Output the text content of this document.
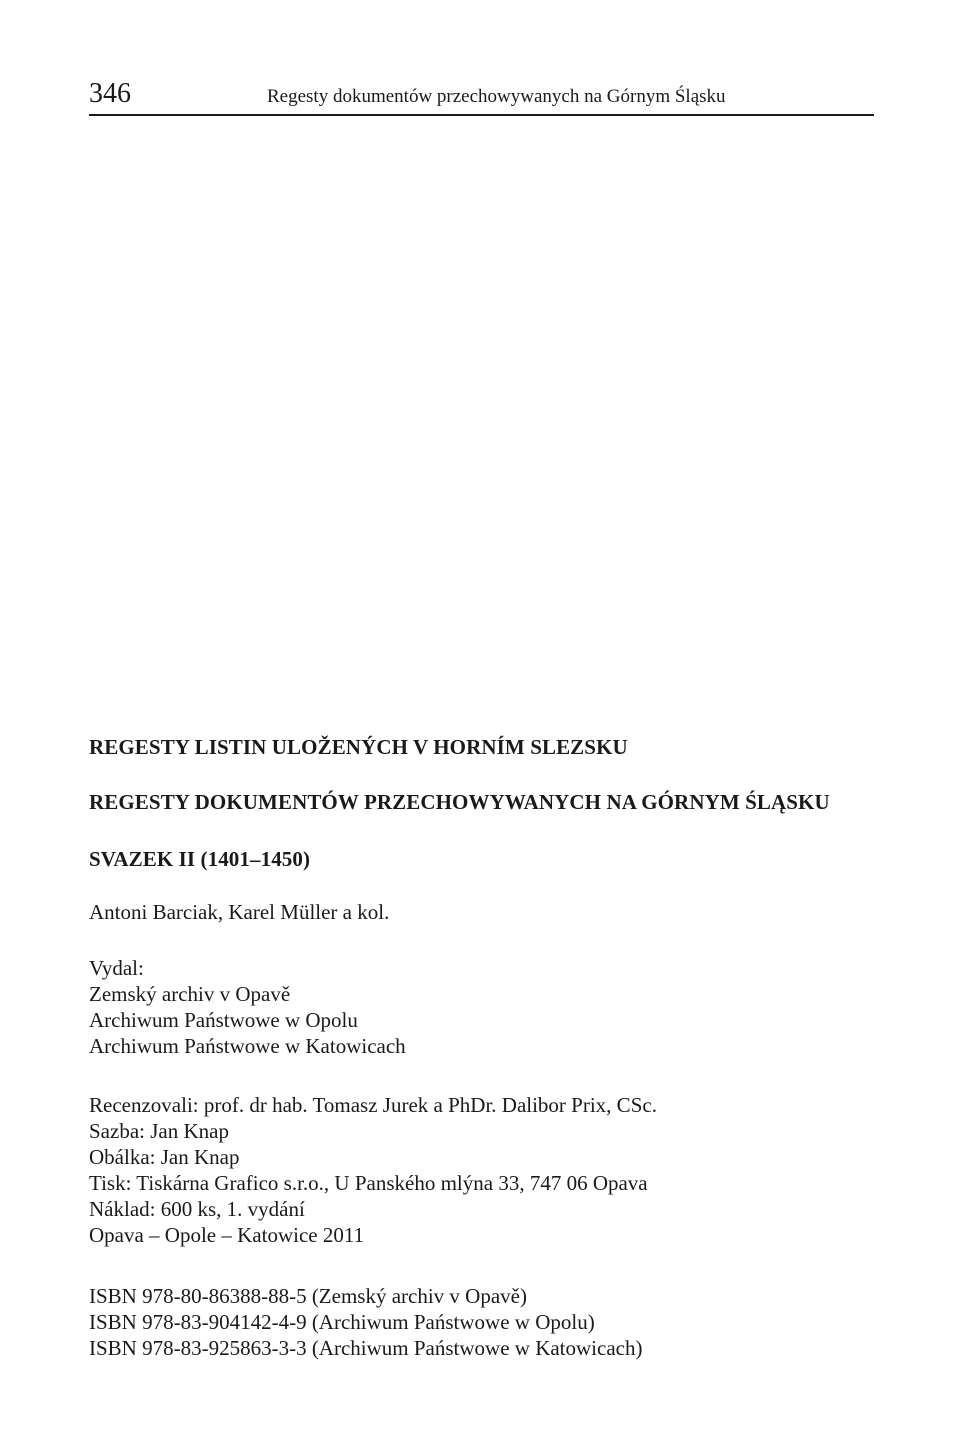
346	Regesty dokumentów przechowywanych na Górnym Śląsku
REGESTY LISTIN ULOŽENÝCH V HORNÍM SLEZSKU
REGESTY DOKUMENTÓW PRZECHOWYWANYCH NA GÓRNYM ŚLĄSKU
SVAZEK II (1401–1450)
Antoni Barciak, Karel Müller a kol.
Vydal:
Zemský archiv v Opavě
Archiwum Państwowe w Opolu
Archiwum Państwowe w Katowicach
Recenzovali: prof. dr hab. Tomasz Jurek a PhDr. Dalibor Prix, CSc.
Sazba: Jan Knap
Obálka: Jan Knap
Tisk: Tiskárna Grafico s.r.o., U Panského mlýna 33, 747 06 Opava
Náklad: 600 ks, 1. vydání
Opava – Opole – Katowice 2011
ISBN 978-80-86388-88-5 (Zemský archiv v Opavě)
ISBN 978-83-904142-4-9 (Archiwum Państwowe w Opolu)
ISBN 978-83-925863-3-3 (Archiwum Państwowe w Katowicach)
